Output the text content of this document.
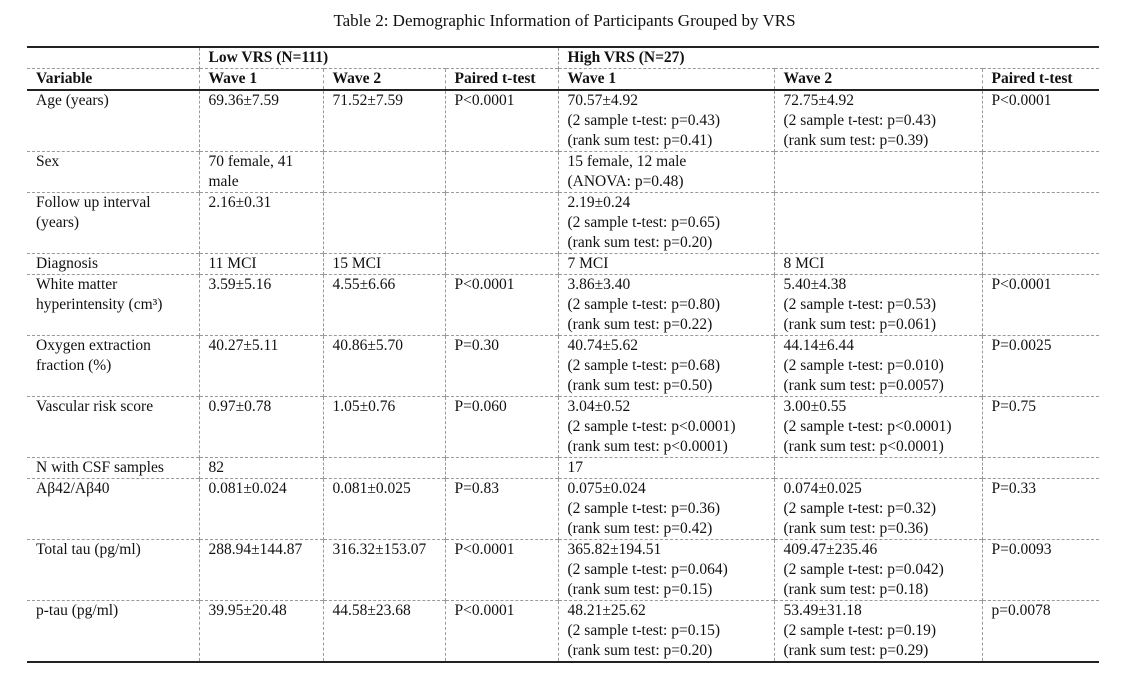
Table 2: Demographic Information of Participants Grouped by VRS
	Low VRS (N=111)			High VRS (N=27)		
Variable	Wave 1	Wave 2	Paired t-test	Wave 1	Wave 2	Paired t-test

Age (years)	69.36±7.59	71.52±7.59	P<0.0001	70.57±4.92
(2 sample t-test: p=0.43)
(rank sum test: p=0.41)	72.75±4.92
(2 sample t-test: p=0.43)
(rank sum test: p=0.39)	P<0.0001

Sex	70 female, 41
male			15 female, 12 male
(ANOVA: p=0.48)		

Follow up interval
(years)	2.16±0.31			2.19±0.24
(2 sample t-test: p=0.65)
(rank sum test: p=0.20)		

Diagnosis	11 MCI	15 MCI		7 MCI	8 MCI	

White matter
hyperintensity (cm³)	3.59±5.16	4.55±6.66	P<0.0001	3.86±3.40
(2 sample t-test: p=0.80)
(rank sum test: p=0.22)	5.40±4.38
(2 sample t-test: p=0.53)
(rank sum test: p=0.061)	P<0.0001

Oxygen extraction
fraction (%)	40.27±5.11	40.86±5.70	P=0.30	40.74±5.62
(2 sample t-test: p=0.68)
(rank sum test: p=0.50)	44.14±6.44
(2 sample t-test: p=0.010)
(rank sum test: p=0.0057)	P=0.0025

Vascular risk score	0.97±0.78	1.05±0.76	P=0.060	3.04±0.52
(2 sample t-test: p<0.0001)
(rank sum test: p<0.0001)	3.00±0.55
(2 sample t-test: p<0.0001)
(rank sum test: p<0.0001)	P=0.75

N with CSF samples	82			17		

Aβ42/Aβ40	0.081±0.024	0.081±0.025	P=0.83	0.075±0.024
(2 sample t-test: p=0.36)
(rank sum test: p=0.42)	0.074±0.025
(2 sample t-test: p=0.32)
(rank sum test: p=0.36)	P=0.33

Total tau (pg/ml)	288.94±144.87	316.32±153.07	P<0.0001	365.82±194.51
(2 sample t-test: p=0.064)
(rank sum test: p=0.15)	409.47±235.46
(2 sample t-test: p=0.042)
(rank sum test: p=0.18)	P=0.0093

p-tau (pg/ml)	39.95±20.48	44.58±23.68	P<0.0001	48.21±25.62
(2 sample t-test: p=0.15)
(rank sum test: p=0.20)	53.49±31.18
(2 sample t-test: p=0.19)
(rank sum test: p=0.29)	p=0.0078
